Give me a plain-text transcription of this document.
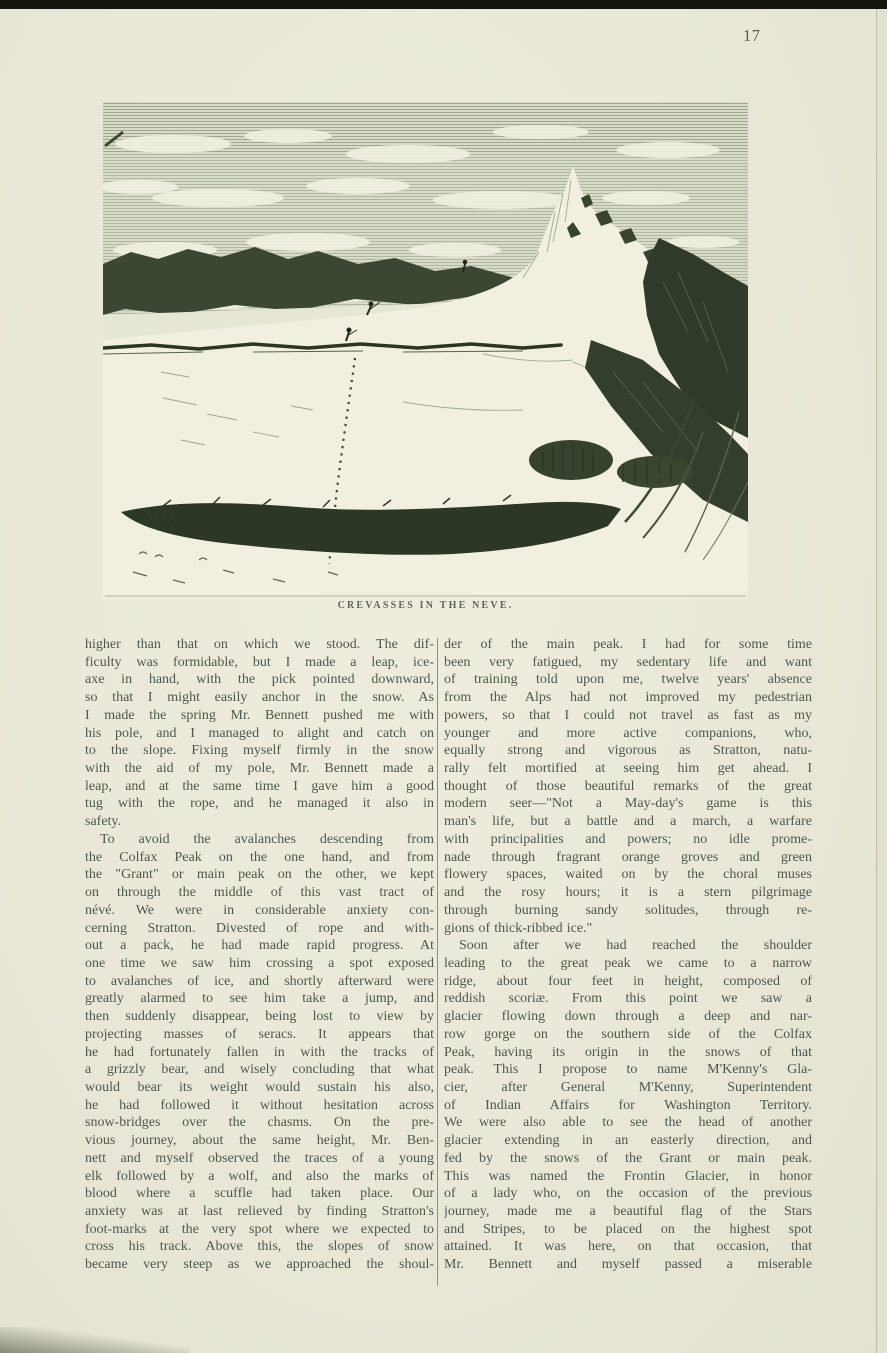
17
CREVASSES IN THE NEVE.
higher than that on which we stood. The dif-
ficulty was formidable, but I made a leap, ice-
axe in hand, with the pick pointed downward,
so that I might easily anchor in the snow. As
I made the spring Mr. Bennett pushed me with
his pole, and I managed to alight and catch on
to the slope. Fixing myself firmly in the snow
with the aid of my pole, Mr. Bennett made a
leap, and at the same time I gave him a good
tug with the rope, and he managed it also in
safety.
To avoid the avalanches descending from
the Colfax Peak on the one hand, and from
the "Grant" or main peak on the other, we kept
on through the middle of this vast tract of
névé. We were in considerable anxiety con-
cerning Stratton. Divested of rope and with-
out a pack, he had made rapid progress. At
one time we saw him crossing a spot exposed
to avalanches of ice, and shortly afterward were
greatly alarmed to see him take a jump, and
then suddenly disappear, being lost to view by
projecting masses of seracs. It appears that
he had fortunately fallen in with the tracks of
a grizzly bear, and wisely concluding that what
would bear its weight would sustain his also,
he had followed it without hesitation across
snow-bridges over the chasms. On the pre-
vious journey, about the same height, Mr. Ben-
nett and myself observed the traces of a young
elk followed by a wolf, and also the marks of
blood where a scuffle had taken place. Our
anxiety was at last relieved by finding Stratton's
foot-marks at the very spot where we expected to
cross his track. Above this, the slopes of snow
became very steep as we approached the shoul-
der of the main peak. I had for some time
been very fatigued, my sedentary life and want
of training told upon me, twelve years' absence
from the Alps had not improved my pedestrian
powers, so that I could not travel as fast as my
younger and more active companions, who,
equally strong and vigorous as Stratton, natu-
rally felt mortified at seeing him get ahead. I
thought of those beautiful remarks of the great
modern seer—"Not a May-day's game is this
man's life, but a battle and a march, a warfare
with principalities and powers; no idle prome-
nade through fragrant orange groves and green
flowery spaces, waited on by the choral muses
and the rosy hours; it is a stern pilgrimage
through burning sandy solitudes, through re-
gions of thick-ribbed ice."
Soon after we had reached the shoulder
leading to the great peak we came to a narrow
ridge, about four feet in height, composed of
reddish scoriæ. From this point we saw a
glacier flowing down through a deep and nar-
row gorge on the southern side of the Colfax
Peak, having its origin in the snows of that
peak. This I propose to name M'Kenny's Gla-
cier, after General M'Kenny, Superintendent
of Indian Affairs for Washington Territory.
We were also able to see the head of another
glacier extending in an easterly direction, and
fed by the snows of the Grant or main peak.
This was named the Frontin Glacier, in honor
of a lady who, on the occasion of the previous
journey, made me a beautiful flag of the Stars
and Stripes, to be placed on the highest spot
attained. It was here, on that occasion, that
Mr. Bennett and myself passed a miserable
